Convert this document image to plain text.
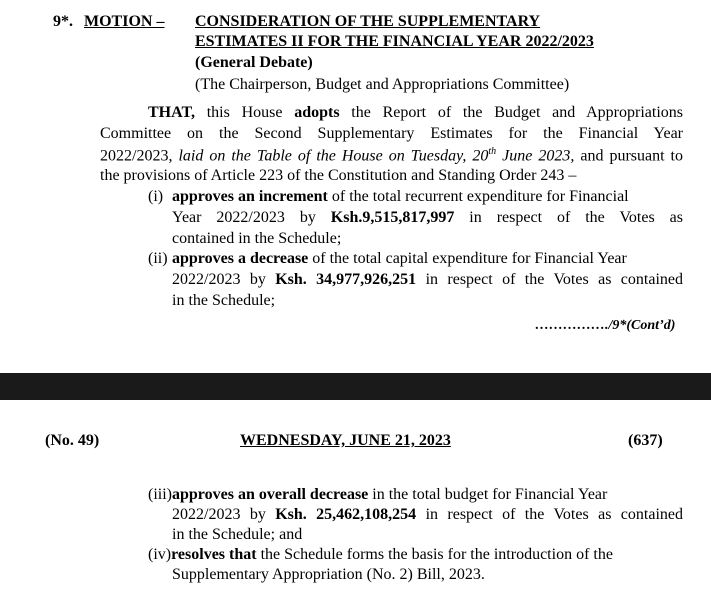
9*. MOTION – CONSIDERATION OF THE SUPPLEMENTARY
ESTIMATES II FOR THE FINANCIAL YEAR 2022/2023
(General Debate)
(The Chairperson, Budget and Appropriations Committee)
THAT, this House adopts the Report of the Budget and Appropriations
Committee on the Second Supplementary Estimates for the Financial Year
2022/2023, laid on the Table of the House on Tuesday, 20th June 2023, and pursuant to
the provisions of Article 223 of the Constitution and Standing Order 243 –
(i) approves an increment of the total recurrent expenditure for Financial
Year 2022/2023 by Ksh.9,515,817,997 in respect of the Votes as
contained in the Schedule;
(ii) approves a decrease of the total capital expenditure for Financial Year
2022/2023 by Ksh. 34,977,926,251 in respect of the Votes as contained
in the Schedule;
……………./9*(Cont’d)
(No. 49)	WEDNESDAY, JUNE 21, 2023	(637)
(iii)approves an overall decrease in the total budget for Financial Year
2022/2023 by Ksh. 25,462,108,254 in respect of the Votes as contained
in the Schedule; and
(iv)resolves that the Schedule forms the basis for the introduction of the
Supplementary Appropriation (No. 2) Bill, 2023.
